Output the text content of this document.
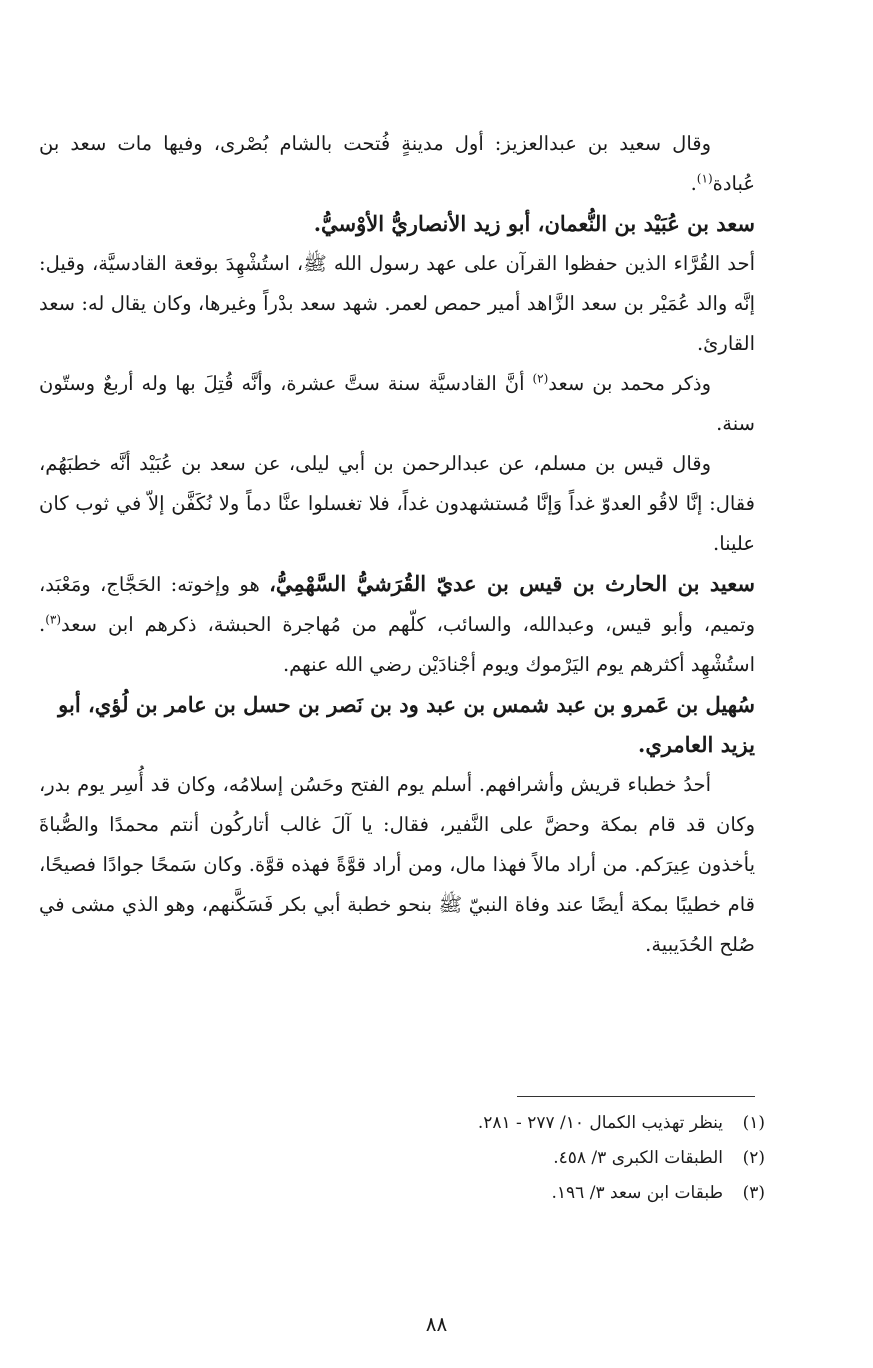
وقال سعيد بن عبدالعزيز: أول مدينةٍ فُتحت بالشام بُصْرى، وفيها مات سعد بن عُبادة$^{(١)}$.

سعد بن عُبَيْد بن النُّعمان، أبو زيد الأنصاريُّ الأوْسيُّ.

أحد القُرَّاء الذين حفظوا القرآن على عهد رسول الله ﷺ، استُشْهِدَ بوقعة القادسيَّة، وقيل: إنَّه والد عُمَيْر بن سعد الزَّاهد أمير حمص لعمر. شهد سعد بدْراً وغيرها، وكان يقال له: سعد القارئ.

وذكر محمد بن سعد$^{(٢)}$ أنَّ القادسيَّة سنة ستَّ عشرة، وأنَّه قُتِلَ بها وله أربعٌ وستّون سنة.

وقال قيس بن مسلم، عن عبدالرحمن بن أبي ليلى، عن سعد بن عُبَيْد أنَّه خطبَهُم، فقال: إنَّا لاقُو العدوّ غداً وَإنَّا مُستشهدون غداً، فلا تغسلوا عنَّا دماً ولا نُكَفَّن إلاّ في ثوب كان علينا.

سعيد بن الحارث بن قيس بن عديّ القُرَشيُّ السَّهْمِيُّ، هو وإخوته: الحَجَّاج، ومَعْبَد، وتميم، وأبو قيس، وعبدالله، والسائب، كلّهم من مُهاجرة الحبشة، ذكرهم ابن سعد$^{(٣)}$. استُشْهِد أكثرهم يوم اليَرْموك ويوم أجْنادَيْن رضي الله عنهم.

سُهيل بن عَمرو بن عبد شمس بن عبد ود بن نَصر بن حسل بن عامر بن لُؤي، أبو يزيد العامري.

أحدُ خطباء قريش وأشرافهم. أسلم يوم الفتح وحَسُن إسلامُه، وكان قد أُسِر يوم بدر، وكان قد قام بمكة وحضَّ على النَّفير، فقال: يا آلَ غالب أتاركُون أنتم محمدًا والصُّباةَ يأخذون عِيرَكم. من أراد مالاً فهذا مال، ومن أراد قوَّةً فهذه قوَّة. وكان سَمحًا جوادًا فصيحًا، قام خطيبًا بمكة أيضًا عند وفاة النبيّ ﷺ بنحو خطبة أبي بكر فَسَكَّنهم، وهو الذي مشى في صُلح الحُدَيبية.

(١)
ينظر تهذيب الكمال ١٠/ ٢٧٧ - ٢٨١.
(٢)
الطبقات الكبرى ٣/ ٤٥٨.
(٣)
طبقات ابن سعد ٣/ ١٩٦.
٨٨
